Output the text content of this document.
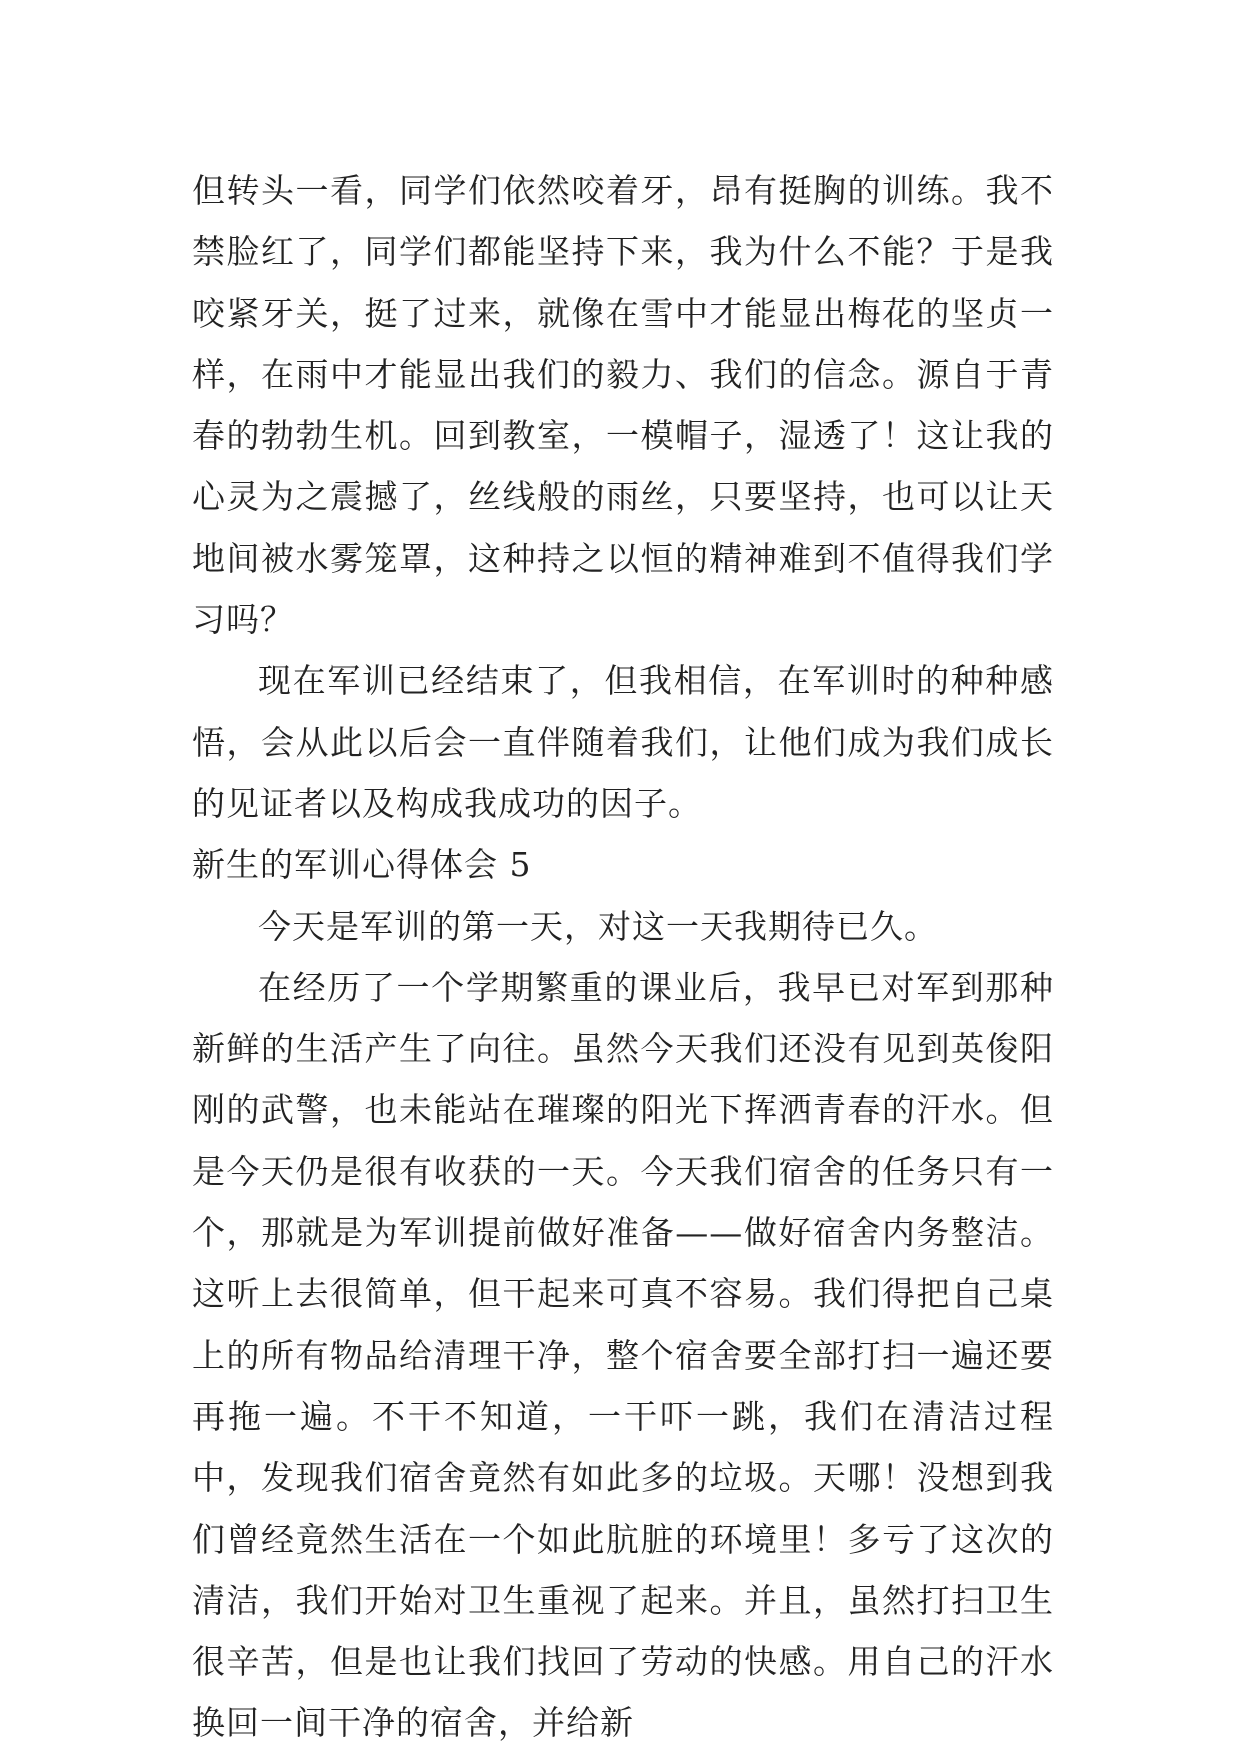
但转头一看，同学们依然咬着牙，昂有挺胸的训练。我不禁脸红了，同学们都能坚持下来，我为什么不能？于是我咬紧牙关，挺了过来，就像在雪中才能显出梅花的坚贞一样，在雨中才能显出我们的毅力、我们的信念。源自于青春的勃勃生机。回到教室，一模帽子，湿透了！这让我的心灵为之震撼了，丝线般的雨丝，只要坚持，也可以让天地间被水雾笼罩，这种持之以恒的精神难到不值得我们学习吗？

现在军训已经结束了，但我相信，在军训时的种种感悟，会从此以后会一直伴随着我们，让他们成为我们成长的见证者以及构成我成功的因子。

新生的军训心得体会 5

今天是军训的第一天，对这一天我期待已久。

在经历了一个学期繁重的课业后，我早已对军到那种新鲜的生活产生了向往。虽然今天我们还没有见到英俊阳刚的武警，也未能站在璀璨的阳光下挥洒青春的汗水。但是今天仍是很有收获的一天。今天我们宿舍的任务只有一个，那就是为军训提前做好准备——做好宿舍内务整洁。这听上去很简单，但干起来可真不容易。我们得把自己桌上的所有物品给清理干净，整个宿舍要全部打扫一遍还要再拖一遍。不干不知道，一干吓一跳，我们在清洁过程中，发现我们宿舍竟然有如此多的垃圾。天哪！没想到我们曾经竟然生活在一个如此肮脏的环境里！多亏了这次的清洁，我们开始对卫生重视了起来。并且，虽然打扫卫生很辛苦，但是也让我们找回了劳动的快感。用自己的汗水换回一间干净的宿舍，并给新
